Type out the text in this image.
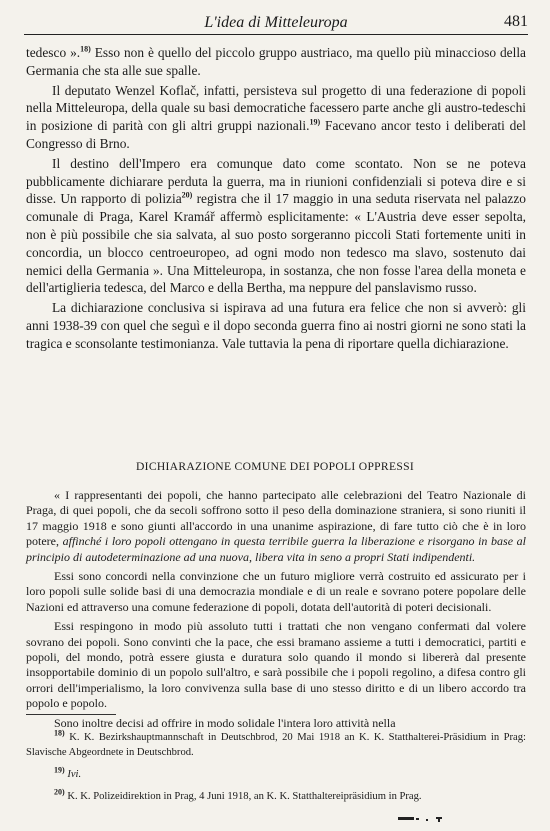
L'idea di Mitteleuropa	481

tedesco ».$^{18)}$ Esso non è quello del piccolo gruppo austriaco, ma quello più minaccioso della Germania che sta alle sue spalle.

Il deputato Wenzel Koflač, infatti, persisteva sul progetto di una federazione di popoli nella Mitteleuropa, della quale su basi democratiche facessero parte anche gli austro-tedeschi in posizione di parità con gli altri gruppi nazionali.$^{19)}$ Facevano ancor testo i deliberati del Congresso di Brno.

Il destino dell'Impero era comunque dato come scontato. Non se ne poteva pubblicamente dichiarare perduta la guerra, ma in riunioni confidenziali si poteva dire e si disse. Un rapporto di polizia$^{20)}$ registra che il 17 maggio in una seduta riservata nel palazzo comunale di Praga, Karel Kramář affermò esplicitamente: « L'Austria deve esser sepolta, non è più possibile che sia salvata, al suo posto sorgeranno piccoli Stati fortemente uniti in concordia, un blocco centroeuropeo, ad ogni modo non tedesco ma slavo, sostenuto dai nemici della Germania ». Una Mitteleuropa, in sostanza, che non fosse l'area della moneta e dell'artiglieria tedesca, del Marco e della Bertha, ma neppure del panslavismo russo.

La dichiarazione conclusiva si ispirava ad una futura era felice che non si avverò: gli anni 1938-39 con quel che seguì e il dopo seconda guerra fino ai nostri giorni ne sono stati la tragica e sconsolante testimonianza. Vale tuttavia la pena di riportare quella dichiarazione.

DICHIARAZIONE COMUNE DEI POPOLI OPPRESSI

« I rappresentanti dei popoli, che hanno partecipato alle celebrazioni del Teatro Nazionale di Praga, di quei popoli, che da secoli soffrono sotto il peso della dominazione straniera, si sono riuniti il 17 maggio 1918 e sono giunti all'accordo in una unanime aspirazione, di fare tutto ciò che è in loro potere, affinché i loro popoli ottengano in questa terribile guerra la liberazione e risorgano in base al principio di autodeterminazione ad una nuova, libera vita in seno a propri Stati indipendenti.

Essi sono concordi nella convinzione che un futuro migliore verrà costruito ed assicurato per i loro popoli sulle solide basi di una democrazia mondiale e di un reale e sovrano potere popolare delle Nazioni ed attraverso una comune federazione di popoli, dotata dell'autorità di poteri decisionali.

Essi respingono in modo più assoluto tutti i trattati che non vengano confermati dal volere sovrano dei popoli. Sono convinti che la pace, che essi bramano assieme a tutti i democratici, partiti e popoli, del mondo, potrà essere giusta e duratura solo quando il mondo si libererà dal presente insopportabile dominio di un popolo sull'altro, e sarà possibile che i popoli regolino, a difesa contro gli orrori dell'imperialismo, la loro convivenza sulla base di uno stesso diritto e di un libero accordo tra popolo e popolo.

Sono inoltre decisi ad offrire in modo solidale l'intera loro attività nella

$^{18)}$ K. K. Bezirkshauptmannschaft in Deutschbrod, 20 Mai 1918 an K. K. Statthalterei-Präsidium in Prag: Slavische Abgeordnete in Deutschbrod.

$^{19)}$ Ivi.

$^{20)}$ K. K. Polizeidirektion in Prag, 4 Juni 1918, an K. K. Statthaltereipräsidium in Prag.
